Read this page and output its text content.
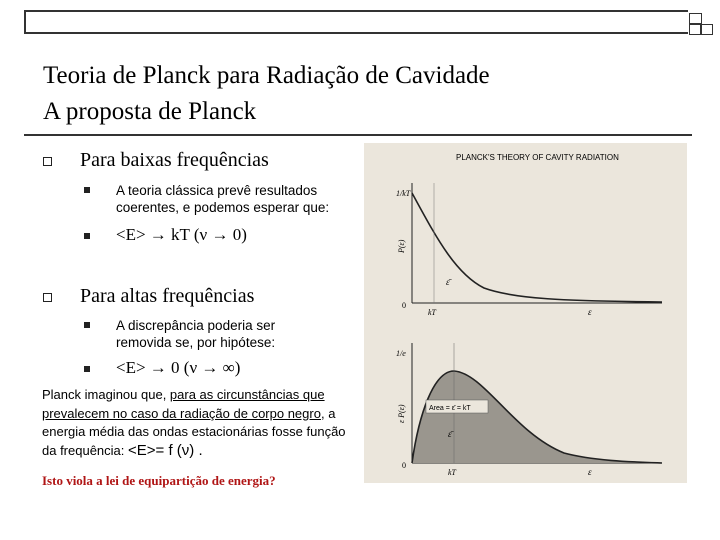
Teoria de Planck para Radiação de Cavidade
A proposta de Planck
Para baixas frequências
A teoria clássica prevê resultados coerentes, e podemos esperar que:
<E> → kT (ν → 0)
Para altas frequências
A discrepância poderia ser removida se, por hipótese:
<E> → 0 (ν → ∞)
Planck imaginou que, para as circunstâncias que prevalecem no caso da radiação de corpo negro, a energia média das ondas estacionárias fosse função da frequência: <E>= f (ν) .
Isto viola a lei de equipartição de energia?
PLANCK'S THEORY OF CAVITY RADIATION
1/kT
P(ε)
kT
ε̄
ε
0
Area = ε̄ = kT
1/e
ε P(ε)
kT
ε̄
ε
0
